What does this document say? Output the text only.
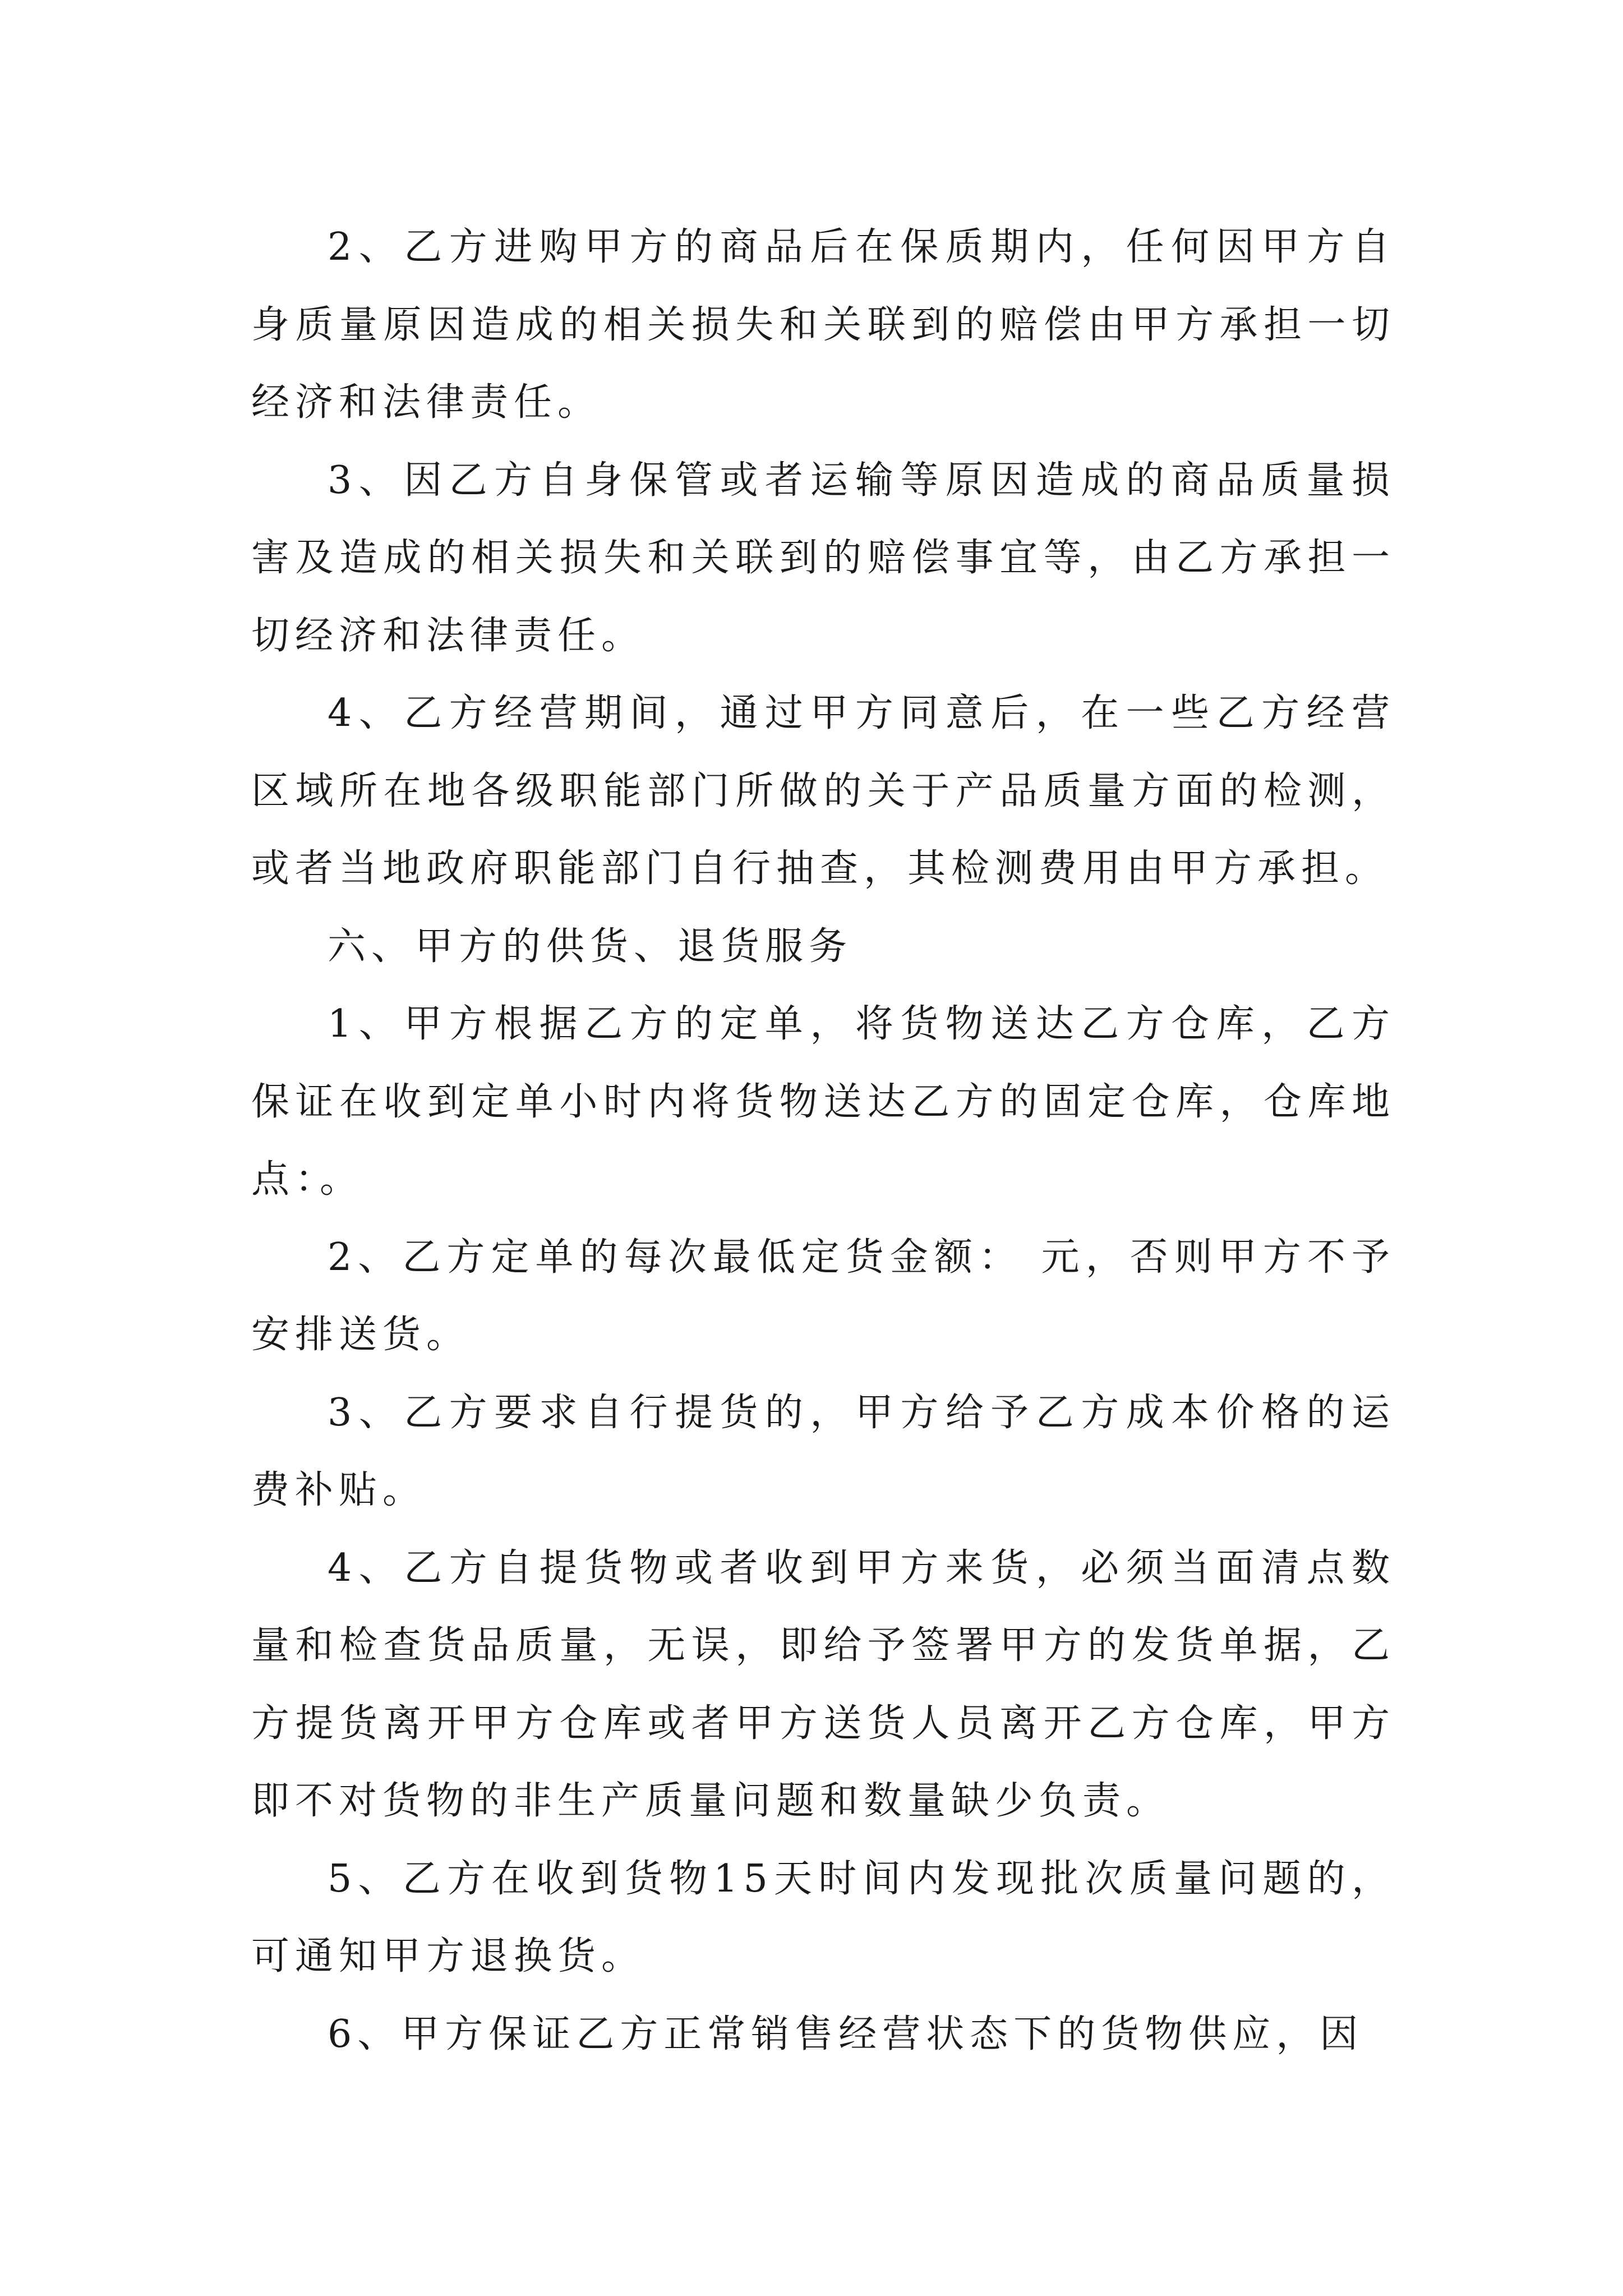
2、乙方进购甲方的商品后在保质期内，任何因甲方自身质量原因造成的相关损失和关联到的赔偿由甲方承担一切经济和法律责任。

3、因乙方自身保管或者运输等原因造成的商品质量损害及造成的相关损失和关联到的赔偿事宜等，由乙方承担一切经济和法律责任。

4、乙方经营期间，通过甲方同意后，在一些乙方经营区域所在地各级职能部门所做的关于产品质量方面的检测，或者当地政府职能部门自行抽查，其检测费用由甲方承担。

六、甲方的供货、退货服务

1、甲方根据乙方的定单，将货物送达乙方仓库，乙方保证在收到定单小时内将货物送达乙方的固定仓库，仓库地点：。

2、乙方定单的每次最低定货金额： 元，否则甲方不予安排送货。

3、乙方要求自行提货的，甲方给予乙方成本价格的运费补贴。

4、乙方自提货物或者收到甲方来货，必须当面清点数量和检查货品质量，无误，即给予签署甲方的发货单据，乙方提货离开甲方仓库或者甲方送货人员离开乙方仓库，甲方即不对货物的非生产质量问题和数量缺少负责。

5、乙方在收到货物15天时间内发现批次质量问题的，可通知甲方退换货。

6、甲方保证乙方正常销售经营状态下的货物供应，因
